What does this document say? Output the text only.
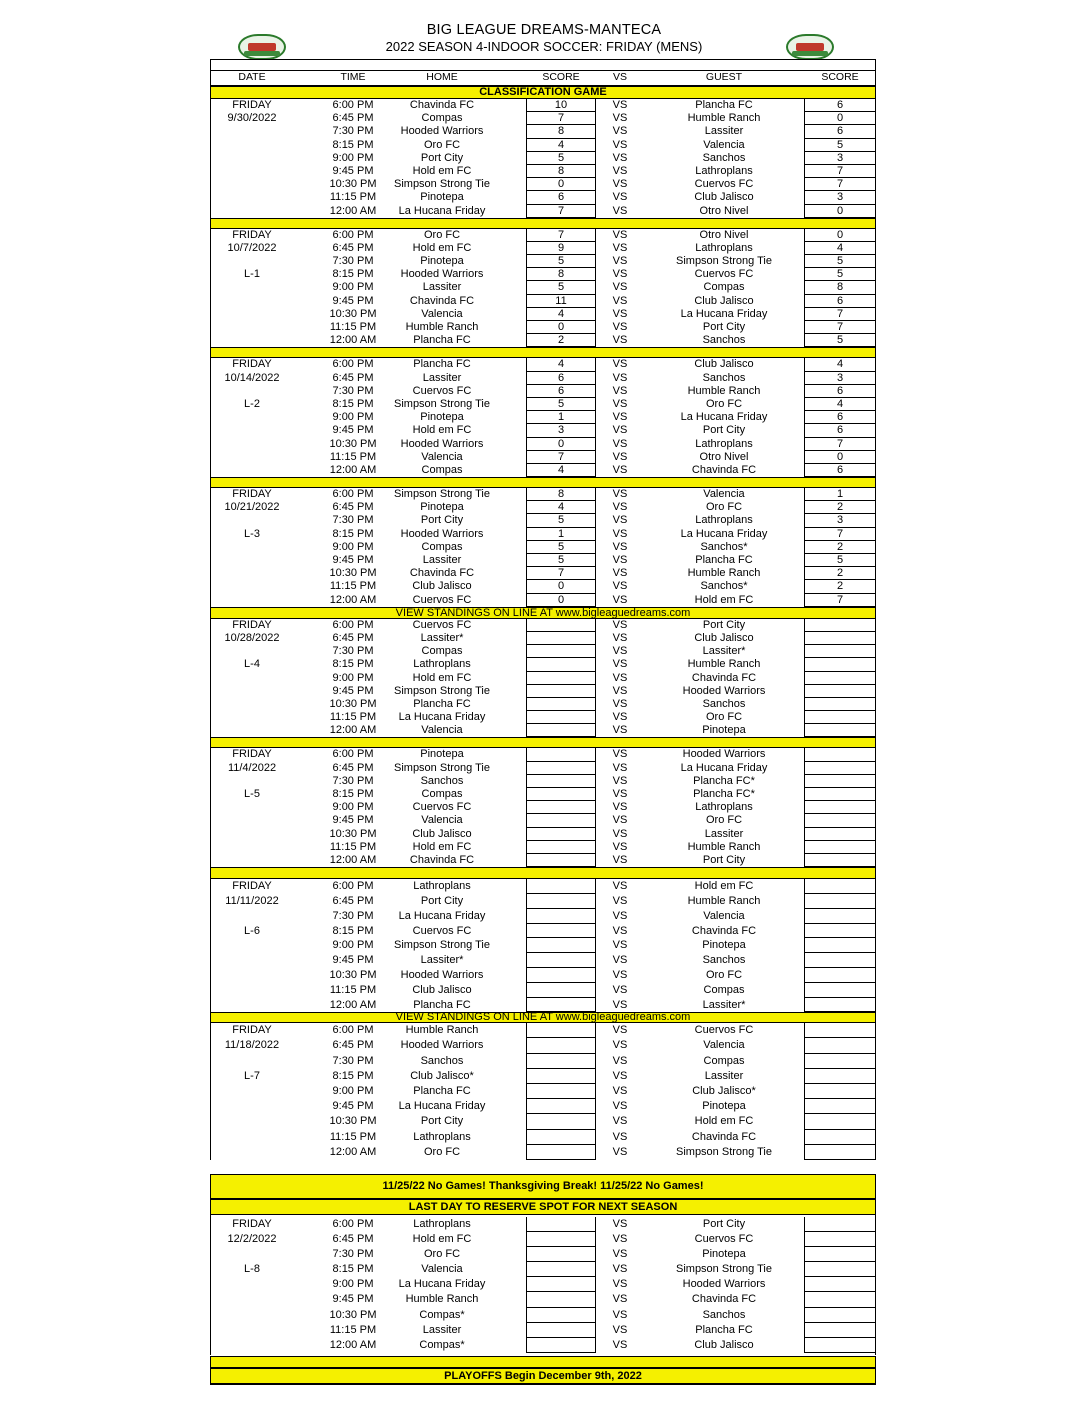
BIG LEAGUE DREAMS-MANTECA
2022 SEASON 4-INDOOR SOCCER: FRIDAY (MENS)
DATE	TIME	HOME	SCORE	VS	GUEST	SCORE
CLASSIFICATION GAME
FRIDAY	6:00 PM	Chavinda FC	10	VS	Plancha FC	6
9/30/2022	6:45 PM	Compas	7	VS	Humble Ranch	0
7:30 PM	Hooded Warriors	8	VS	Lassiter	6
8:15 PM	Oro FC	4	VS	Valencia	5
9:00 PM	Port City	5	VS	Sanchos	3
9:45 PM	Hold em FC	8	VS	Lathroplans	7
10:30 PM	Simpson Strong Tie	0	VS	Cuervos FC	7
11:15 PM	Pinotepa	6	VS	Club Jalisco	3
12:00 AM	La Hucana Friday	7	VS	Otro Nivel	0
FRIDAY	6:00 PM	Oro FC	7	VS	Otro Nivel	0
10/7/2022	6:45 PM	Hold em FC	9	VS	Lathroplans	4
7:30 PM	Pinotepa	5	VS	Simpson Strong Tie	5
L-1	8:15 PM	Hooded Warriors	8	VS	Cuervos FC	5
9:00 PM	Lassiter	5	VS	Compas	8
9:45 PM	Chavinda FC	11	VS	Club Jalisco	6
10:30 PM	Valencia	4	VS	La Hucana Friday	7
11:15 PM	Humble Ranch	0	VS	Port City	7
12:00 AM	Plancha FC	2	VS	Sanchos	5
FRIDAY	6:00 PM	Plancha FC	4	VS	Club Jalisco	4
10/14/2022	6:45 PM	Lassiter	6	VS	Sanchos	3
7:30 PM	Cuervos FC	6	VS	Humble Ranch	6
L-2	8:15 PM	Simpson Strong Tie	5	VS	Oro FC	4
9:00 PM	Pinotepa	1	VS	La Hucana Friday	6
9:45 PM	Hold em FC	3	VS	Port City	6
10:30 PM	Hooded Warriors	0	VS	Lathroplans	7
11:15 PM	Valencia	7	VS	Otro Nivel	0
12:00 AM	Compas	4	VS	Chavinda FC	6
FRIDAY	6:00 PM	Simpson Strong Tie	8	VS	Valencia	1
10/21/2022	6:45 PM	Pinotepa	4	VS	Oro FC	2
7:30 PM	Port City	5	VS	Lathroplans	3
L-3	8:15 PM	Hooded Warriors	1	VS	La Hucana Friday	7
9:00 PM	Compas	5	VS	Sanchos*	2
9:45 PM	Lassiter	5	VS	Plancha FC	5
10:30 PM	Chavinda FC	7	VS	Humble Ranch	2
11:15 PM	Club Jalisco	0	VS	Sanchos*	2
12:00 AM	Cuervos FC	0	VS	Hold em FC	7
VIEW STANDINGS ON LINE AT www.bigleaguedreams.com
FRIDAY	6:00 PM	Cuervos FC	VS	Port City
10/28/2022	6:45 PM	Lassiter*	VS	Club Jalisco
7:30 PM	Compas	VS	Lassiter*
L-4	8:15 PM	Lathroplans	VS	Humble Ranch
9:00 PM	Hold em FC	VS	Chavinda FC
9:45 PM	Simpson Strong Tie	VS	Hooded Warriors
10:30 PM	Plancha FC	VS	Sanchos
11:15 PM	La Hucana Friday	VS	Oro FC
12:00 AM	Valencia	VS	Pinotepa
FRIDAY	6:00 PM	Pinotepa	VS	Hooded Warriors
11/4/2022	6:45 PM	Simpson Strong Tie	VS	La Hucana Friday
7:30 PM	Sanchos	VS	Plancha FC*
L-5	8:15 PM	Compas	VS	Plancha FC*
9:00 PM	Cuervos FC	VS	Lathroplans
9:45 PM	Valencia	VS	Oro FC
10:30 PM	Club Jalisco	VS	Lassiter
11:15 PM	Hold em FC	VS	Humble Ranch
12:00 AM	Chavinda FC	VS	Port City
FRIDAY	6:00 PM	Lathroplans	VS	Hold em FC
11/11/2022	6:45 PM	Port City	VS	Humble Ranch
7:30 PM	La Hucana Friday	VS	Valencia
L-6	8:15 PM	Cuervos FC	VS	Chavinda FC
9:00 PM	Simpson Strong Tie	VS	Pinotepa
9:45 PM	Lassiter*	VS	Sanchos
10:30 PM	Hooded Warriors	VS	Oro FC
11:15 PM	Club Jalisco	VS	Compas
12:00 AM	Plancha FC	VS	Lassiter*
VIEW STANDINGS ON LINE AT www.bigleaguedreams.com
FRIDAY	6:00 PM	Humble Ranch	VS	Cuervos FC
11/18/2022	6:45 PM	Hooded Warriors	VS	Valencia
7:30 PM	Sanchos	VS	Compas
L-7	8:15 PM	Club Jalisco*	VS	Lassiter
9:00 PM	Plancha FC	VS	Club Jalisco*
9:45 PM	La Hucana Friday	VS	Pinotepa
10:30 PM	Port City	VS	Hold em FC
11:15 PM	Lathroplans	VS	Chavinda FC
12:00 AM	Oro FC	VS	Simpson Strong Tie
11/25/22 No Games! Thanksgiving Break! 11/25/22 No Games!
LAST DAY TO RESERVE SPOT FOR NEXT SEASON
FRIDAY	6:00 PM	Lathroplans	VS	Port City
12/2/2022	6:45 PM	Hold em FC	VS	Cuervos FC
7:30 PM	Oro FC	VS	Pinotepa
L-8	8:15 PM	Valencia	VS	Simpson Strong Tie
9:00 PM	La Hucana Friday	VS	Hooded Warriors
9:45 PM	Humble Ranch	VS	Chavinda FC
10:30 PM	Compas*	VS	Sanchos
11:15 PM	Lassiter	VS	Plancha FC
12:00 AM	Compas*	VS	Club Jalisco
PLAYOFFS Begin December 9th, 2022
